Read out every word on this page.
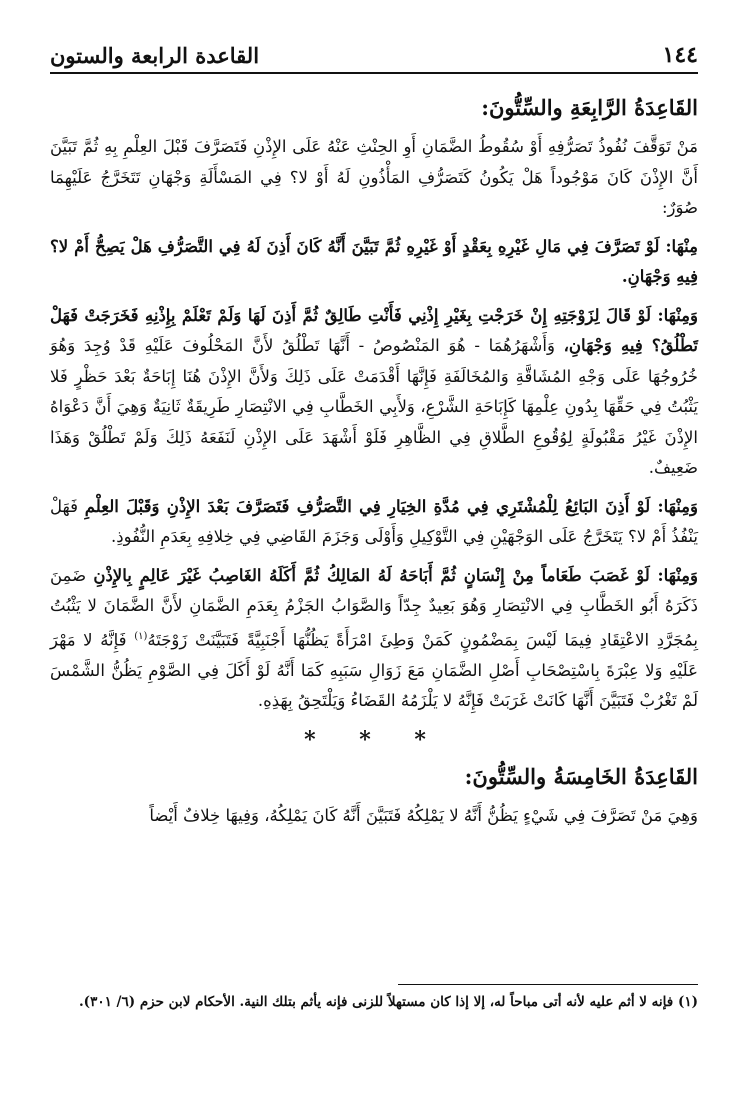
١٤٤
القاعدة الرابعة والستون
القَاعِدَةُ الرَّابِعَةِ والسِّتُّونَ:

مَنْ تَوَقَّفَ نُفُوذُ تَصَرُّفِهِ أَوْ سُقُوطُ الضَّمَانِ أَوِ الحِنْثِ عَنْهُ عَلَى الإِذْنِ فَتَصَرَّفَ قَبْلَ العِلْمِ بِهِ ثُمَّ تَبَيَّنَ أَنَّ الإِذْنَ كَانَ مَوْجُوداً هَلْ يَكُونُ كَتَصَرُّفِ المَأْذُونِ لَهُ أَوْ لا؟ فِي المَسْأَلَةِ وَجْهَانِ تَتَخَرَّجُ عَلَيْهِمَا صُوَرٌ:

مِنْهَا: لَوْ تَصَرَّفَ فِي مَالِ غَيْرِهِ بِعَقْدٍ أَوْ غَيْرِهِ ثُمَّ تَبَيَّنَ أَنَّهُ كَانَ أَذِنَ لَهُ فِي التَّصَرُّفِ هَلْ يَصِحُّ أَمْ لا؟ فِيهِ وَجْهَانِ.

وَمِنْهَا: لَوْ قَالَ لِزَوْجَتِهِ إِنْ خَرَجْتِ بِغَيْرِ إِذْنِي فَأَنْتِ طَالِقٌ ثُمَّ أَذِنَ لَهَا وَلَمْ تَعْلَمْ بِإِذْنِهِ فَخَرَجَتْ فَهَلْ تَطْلُقُ؟ فِيهِ وَجْهَانِ، وَأَشْهَرُهُمَا - هُوَ المَنْصُوصُ - أَنَّهَا تَطْلُقُ لأَنَّ المَحْلُوفَ عَلَيْهِ قَدْ وُجِدَ وَهُوَ خُرُوجُهَا عَلَى وَجْهِ المُشَاقَّةِ وَالمُخَالَفَةِ فَإِنَّهَا أَقْدَمَتْ عَلَى ذَلِكَ وَلأَنَّ الإِذْنَ هُنَا إِبَاحَةٌ بَعْدَ حَظْرٍ فَلا يَثْبُتُ فِي حَقِّهَا بِدُونِ عِلْمِهَا كَإِبَاحَةِ الشَّرْعِ، وَلأَبِي الخَطَّابِ فِي الانْتِصَارِ طَرِيقَةٌ ثَانِيَةٌ وَهِيَ أَنَّ دَعْوَاهُ الإِذْنَ غَيْرُ مَقْبُولَةٍ لِوُقُوعِ الطَّلاقِ فِي الظَّاهِرِ فَلَوْ أَشْهَدَ عَلَى الإِذْنِ لَنَفَعَهُ ذَلِكَ وَلَمْ تَطْلُقْ وَهَذَا ضَعِيفٌ.

وَمِنْهَا: لَوْ أَذِنَ البَائِعُ لِلْمُشْتَرِي فِي مُدَّةِ الخِيَارِ فِي التَّصَرُّفِ فَتَصَرَّفَ بَعْدَ الإِذْنِ وَقَبْلَ العِلْمِ فَهَلْ يَنْفُذُ أَمْ لا؟ يَتَخَرَّجُ عَلَى الوَجْهَيْنِ فِي التَّوْكِيلِ وَأَوْلَى وَجَزَمَ القَاضِي فِي خِلافِهِ بِعَدَمِ النُّفُوذِ.

وَمِنْهَا: لَوْ غَصَبَ طَعَاماً مِنْ إِنْسَانٍ ثُمَّ أَبَاحَهُ لَهُ المَالِكُ ثُمَّ أَكَلَهُ الغَاصِبُ غَيْرَ عَالِمٍ بِالإِذْنِ ضَمِنَ ذَكَرَهُ أَبُو الخَطَّابِ فِي الانْتِصَارِ وَهُوَ بَعِيدٌ جِدّاً وَالصَّوَابُ الجَزْمُ بِعَدَمِ الضَّمَانِ لأَنَّ الضَّمَانَ لا يَثْبُتُ بِمُجَرَّدِ الاعْتِقَادِ فِيمَا لَيْسَ بِمَضْمُونٍ كَمَنْ وَطِئَ امْرَأَةً يَظُنُّهَا أَجْنَبِيَّةً فَتَبَيَّنَتْ زَوْجَتَهُ$^{(١)}$ فَإِنَّهُ لا مَهْرَ عَلَيْهِ وَلا عِبْرَةَ بِاسْتِصْحَابِ أَصْلِ الضَّمَانِ مَعَ زَوَالِ سَبَبِهِ كَمَا أَنَّهُ لَوْ أَكَلَ فِي الصَّوْمِ يَظُنُّ الشَّمْسَ لَمْ تَغْرُبْ فَتَبَيَّنَ أَنَّهَا كَانَتْ غَرَبَتْ فَإِنَّهُ لا يَلْزَمُهُ القَضَاءُ وَيَلْتَحِقُ بِهَذِهِ.

* * *
القَاعِدَةُ الخَامِسَةُ والسِّتُّونَ:

وَهِيَ مَنْ تَصَرَّفَ فِي شَيْءٍ يَظُنُّ أَنَّهُ لا يَمْلِكُهُ فَتَبَيَّنَ أَنَّهُ كَانَ يَمْلِكُهُ، وَفِيهَا خِلافٌ أَيْضاً

(١) فإنه لا أثم عليه لأنه أتى مباحاً له، إلا إذا كان مستهلاً للزنى فإنه يأثم بتلك النية. الأحكام لابن حزم (٦/ ٣٠١).
